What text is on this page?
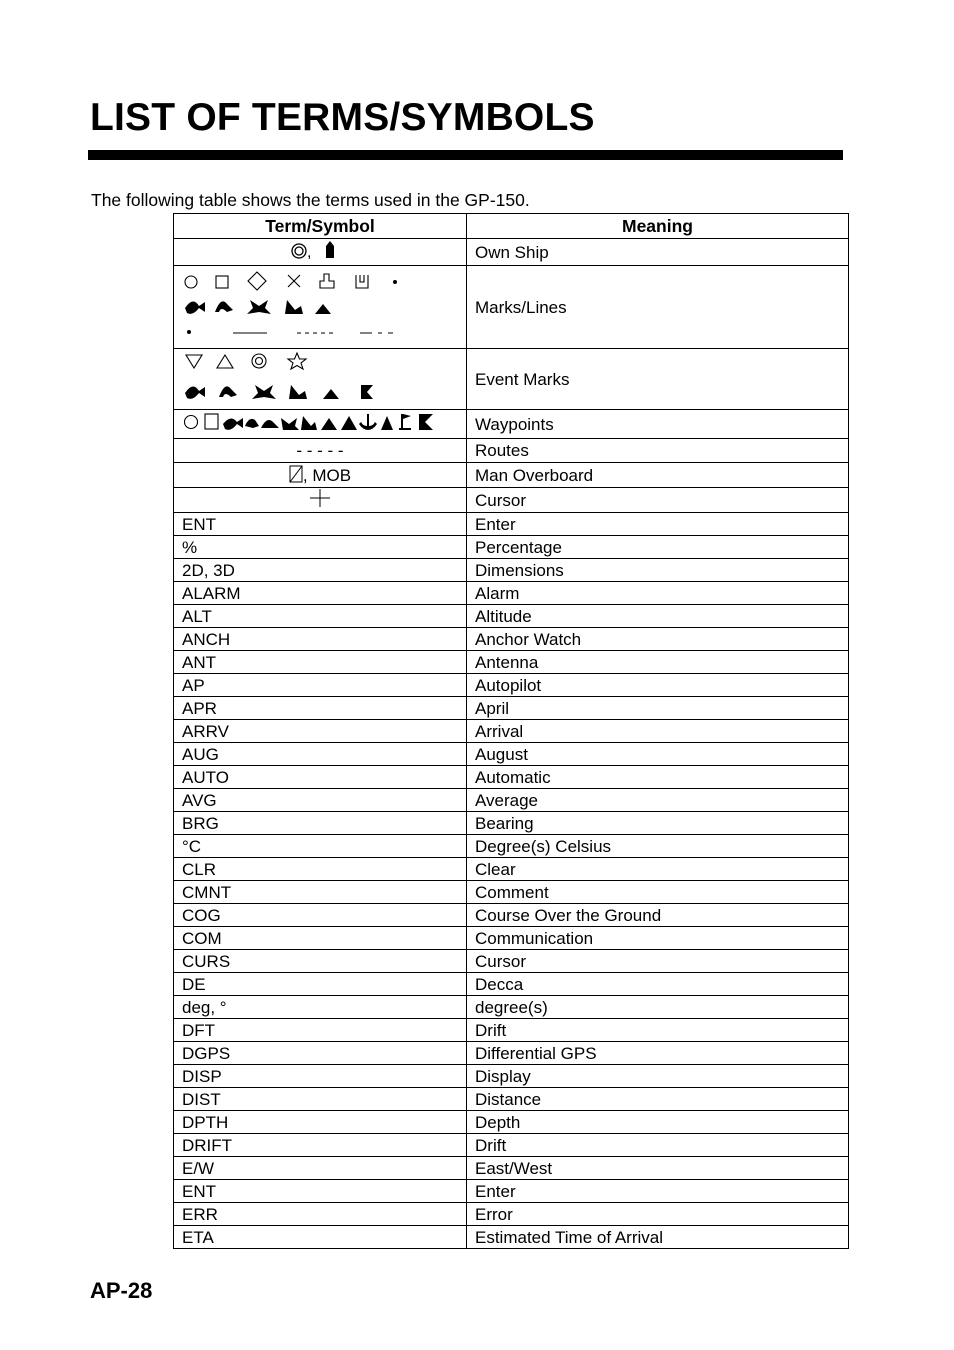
LIST OF TERMS/SYMBOLS

The following table shows the terms used in the GP-150.

Term/Symbol	Meaning

,	Own Ship
	Marks/Lines
	Event Marks
	Waypoints
- - - - -	Routes
, MOB	Man Overboard
	Cursor
ENT	Enter
%	Percentage
2D, 3D	Dimensions
ALARM	Alarm
ALT	Altitude
ANCH	Anchor Watch
ANT	Antenna
AP	Autopilot
APR	April
ARRV	Arrival
AUG	August
AUTO	Automatic
AVG	Average
BRG	Bearing
°C	Degree(s) Celsius
CLR	Clear
CMNT	Comment
COG	Course Over the Ground
COM	Communication
CURS	Cursor
DE	Decca
deg, °	degree(s)
DFT	Drift
DGPS	Differential GPS
DISP	Display
DIST	Distance
DPTH	Depth
DRIFT	Drift
E/W	East/West
ENT	Enter
ERR	Error
ETA	Estimated Time of Arrival
AP-28
